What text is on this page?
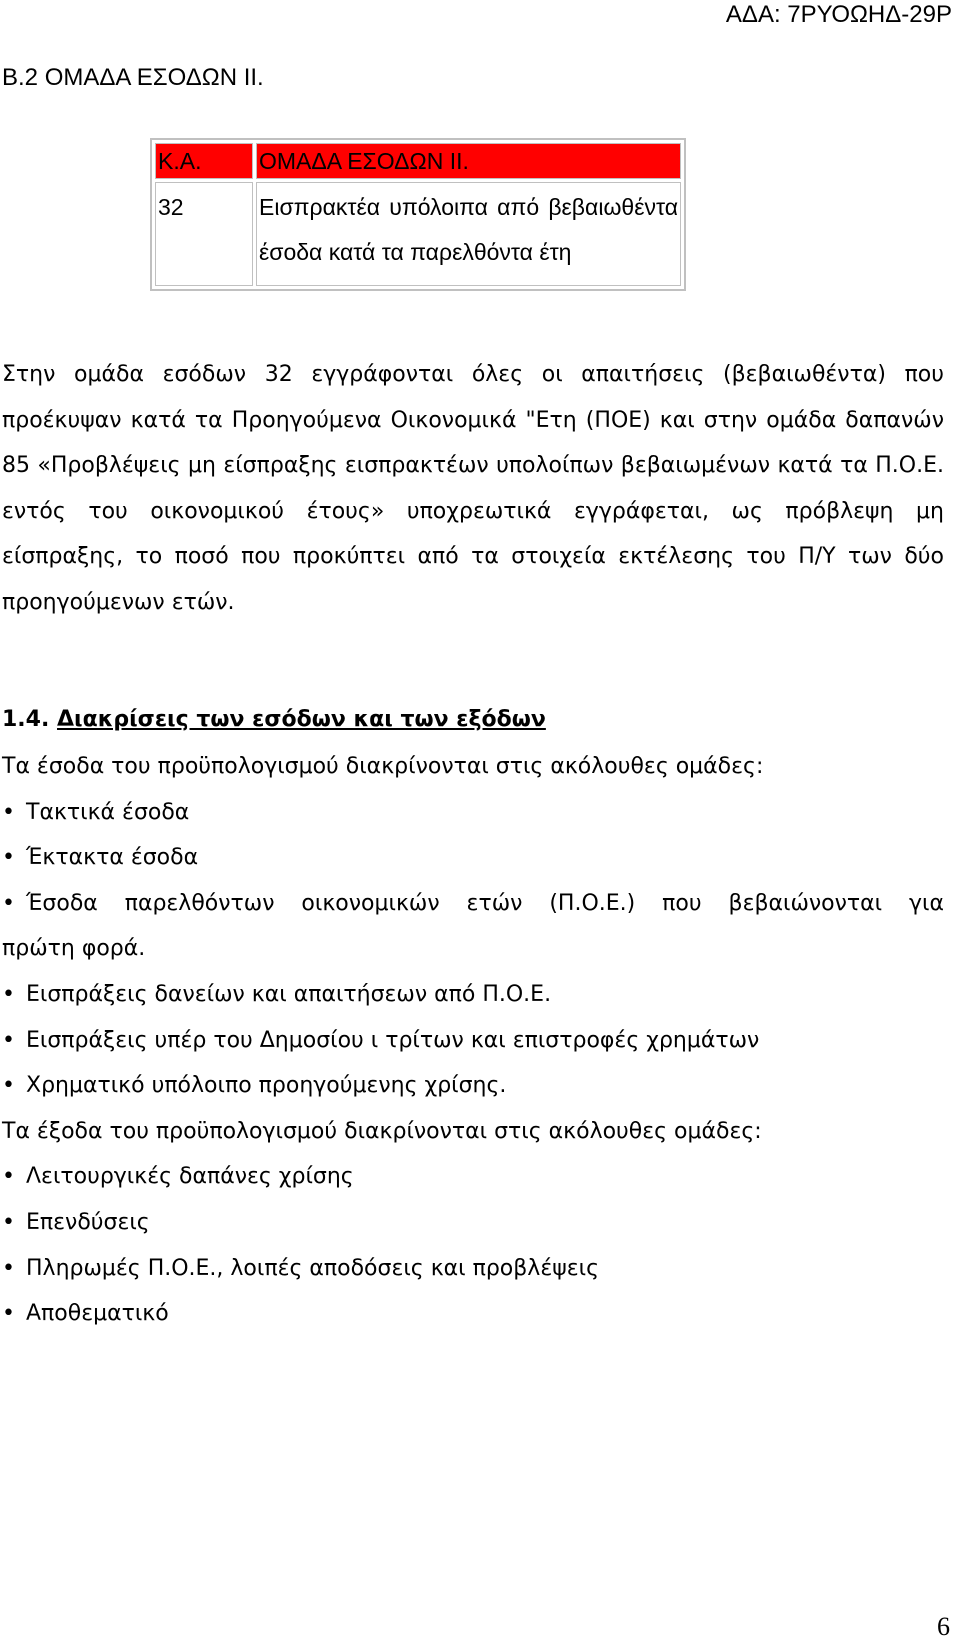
ΑΔΑ: 7ΡΥΟΩΗΔ-29Ρ
Β.2 ΟΜΑΔΑ ΕΣΟΔΩΝ ΙΙ.
Κ.Α.	ΟΜΑΔΑ ΕΣΟΔΩΝ ΙΙ.
32	Εισπρακτέα υπόλοιπα από βεβαιωθέντα έσοδα κατά τα παρελθόντα έτη
Στην ομάδα εσόδων 32 εγγράφονται όλες οι απαιτήσεις (βεβαιωθέντα) που προέκυψαν κατά τα Προηγούμενα Οικονομικά "Ετη (ΠΟΕ) και στην ομάδα δαπανών 85 «Προβλέψεις μη είσπραξης εισπρακτέων υπολοίπων βεβαιωμένων κατά τα Π.Ο.Ε. εντός του οικονομικού έτους» υποχρεωτικά εγγράφεται, ως πρόβλεψη μη είσπραξης, το ποσό που προκύπτει από τα στοιχεία εκτέλεσης του Π/Υ των δύο προηγούμενων ετών.
1.4. Διακρίσεις των εσόδων και των εξόδων
Τα έσοδα του προϋπολογισμού διακρίνονται στις ακόλουθες ομάδες:
• Τακτικά έσοδα
• Έκτακτα έσοδα
• Έσοδα παρελθόντων οικονομικών ετών (Π.Ο.Ε.) που βεβαιώνονται για
πρώτη φορά.
• Εισπράξεις δανείων και απαιτήσεων από Π.Ο.Ε.
• Εισπράξεις υπέρ του Δημοσίου ι τρίτων και επιστροφές χρημάτων
• Χρηματικό υπόλοιπο προηγούμενης χρίσης.
Τα έξοδα του προϋπολογισμού διακρίνονται στις ακόλουθες ομάδες:
• Λειτουργικές δαπάνες χρίσης
• Επενδύσεις
• Πληρωμές Π.Ο.Ε., λοιπές αποδόσεις και προβλέψεις
• Αποθεματικό
6
